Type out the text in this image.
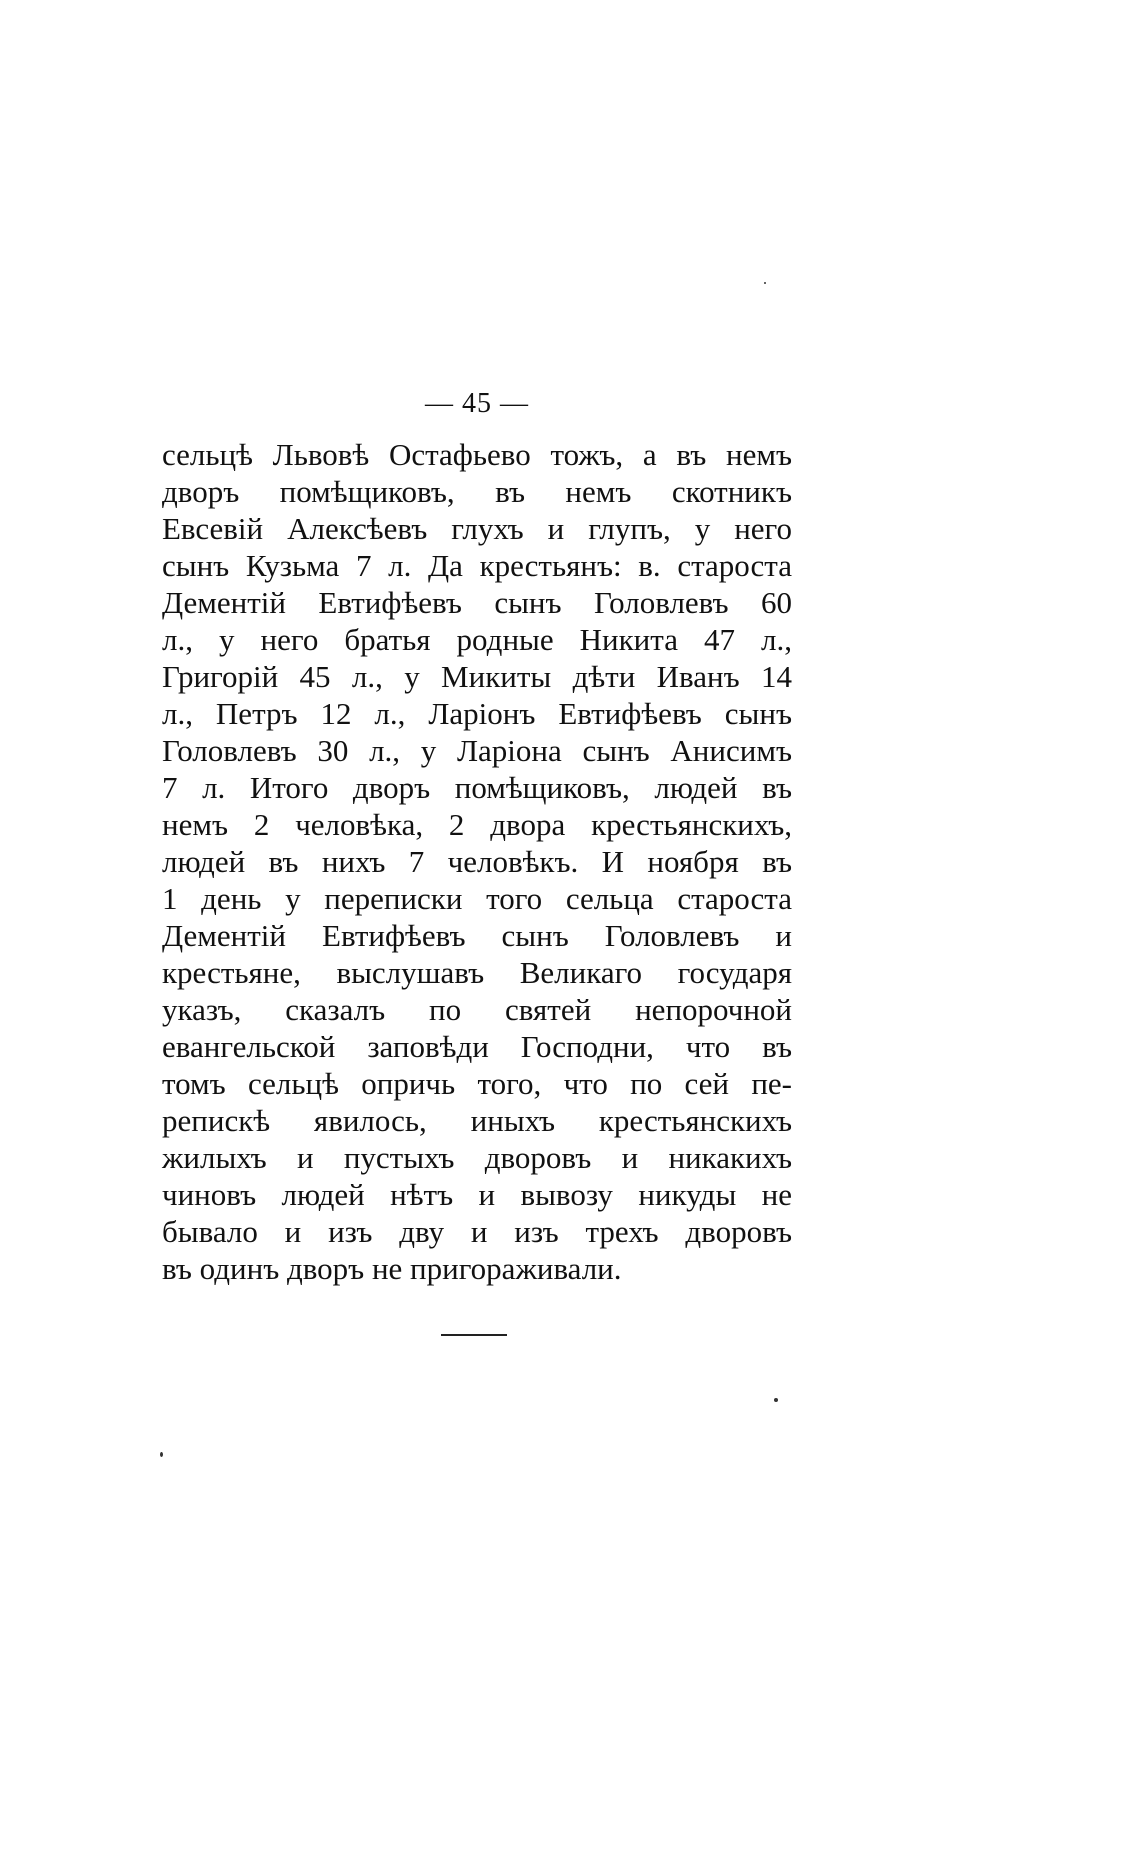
— 45 —
сельцѣ Львовѣ Остафьево тожъ, а въ немъ
дворъ помѣщиковъ, въ немъ скотникъ
Евсевій Алексѣевъ глухъ и глупъ, у него
сынъ Кузьма 7 л. Да крестьянъ: в. староста
Дементій Евтифѣевъ сынъ Головлевъ 60
л., у него братья родные Никита 47 л.,
Григорій 45 л., у Микиты дѣти Иванъ 14
л., Петръ 12 л., Ларіонъ Евтифѣевъ сынъ
Головлевъ 30 л., у Ларіона сынъ Анисимъ
7 л. Итого дворъ помѣщиковъ, людей въ
немъ 2 человѣка, 2 двора крестьянскихъ,
людей въ нихъ 7 человѣкъ. И ноября въ
1 день у переписки того сельца староста
Дементій Евтифѣевъ сынъ Головлевъ и
крестьяне, выслушавъ Великаго государя
указъ, сказалъ по святей непорочной
евангельской заповѣди Господни, что въ
томъ сельцѣ опричь того, что по сей пе-
репискѣ явилось, иныхъ крестьянскихъ
жилыхъ и пустыхъ дворовъ и никакихъ
чиновъ людей нѣтъ и вывозу никуды не
бывало и изъ дву и изъ трехъ дворовъ
въ одинъ дворъ не пригораживали.
